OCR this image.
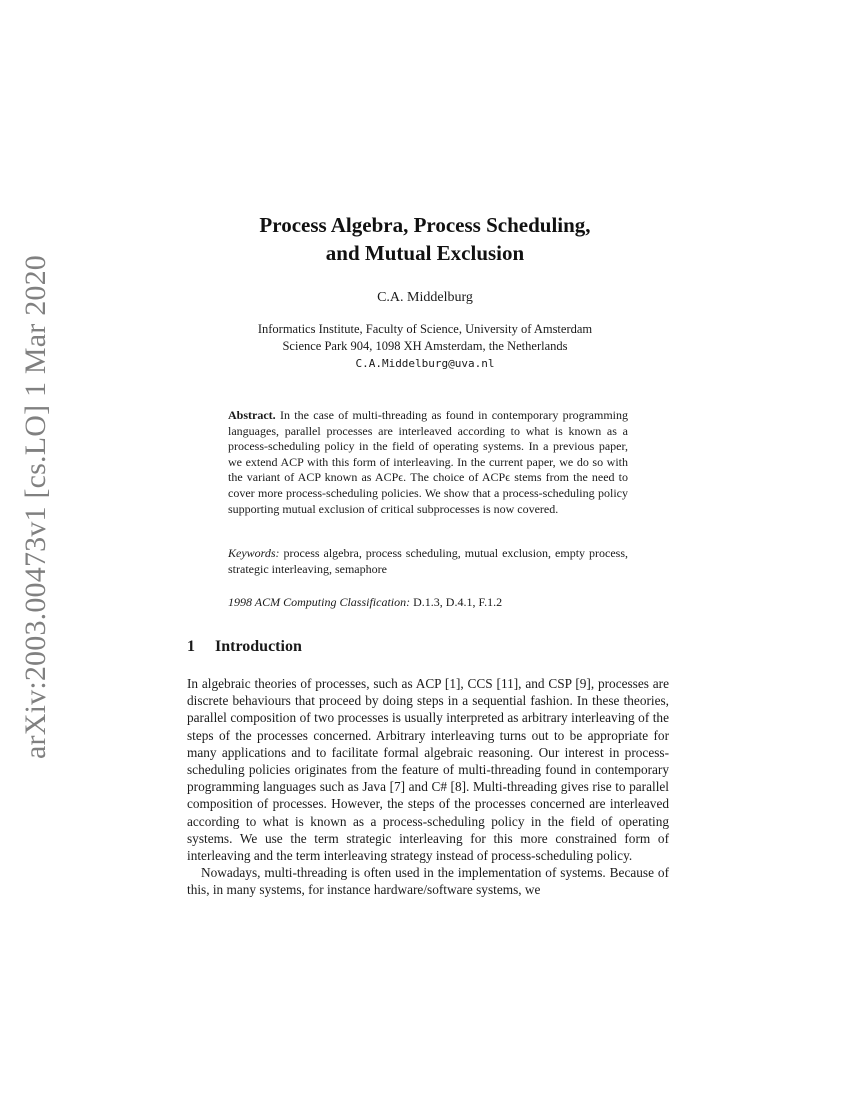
arXiv:2003.00473v1 [cs.LO] 1 Mar 2020
Process Algebra, Process Scheduling,
and Mutual Exclusion
C.A. Middelburg
Informatics Institute, Faculty of Science, University of Amsterdam
Science Park 904, 1098 XH Amsterdam, the Netherlands
C.A.Middelburg@uva.nl
Abstract. In the case of multi-threading as found in contemporary programming languages, parallel processes are interleaved according to what is known as a process-scheduling policy in the field of operating systems. In a previous paper, we extend ACP with this form of interleaving. In the current paper, we do so with the variant of ACP known as ACPϵ. The choice of ACPϵ stems from the need to cover more process-scheduling policies. We show that a process-scheduling policy supporting mutual exclusion of critical subprocesses is now covered.
Keywords: process algebra, process scheduling, mutual exclusion, empty process, strategic interleaving, semaphore
1998 ACM Computing Classification: D.1.3, D.4.1, F.1.2
1 Introduction

In algebraic theories of processes, such as ACP [1], CCS [11], and CSP [9], processes are discrete behaviours that proceed by doing steps in a sequential fashion. In these theories, parallel composition of two processes is usually interpreted as arbitrary interleaving of the steps of the processes concerned. Arbitrary interleaving turns out to be appropriate for many applications and to facilitate formal algebraic reasoning. Our interest in process-scheduling policies originates from the feature of multi-threading found in contemporary programming languages such as Java [7] and C# [8]. Multi-threading gives rise to parallel composition of processes. However, the steps of the processes concerned are interleaved according to what is known as a process-scheduling policy in the field of operating systems. We use the term strategic interleaving for this more constrained form of interleaving and the term interleaving strategy instead of process-scheduling policy.

Nowadays, multi-threading is often used in the implementation of systems. Because of this, in many systems, for instance hardware/software systems, we
